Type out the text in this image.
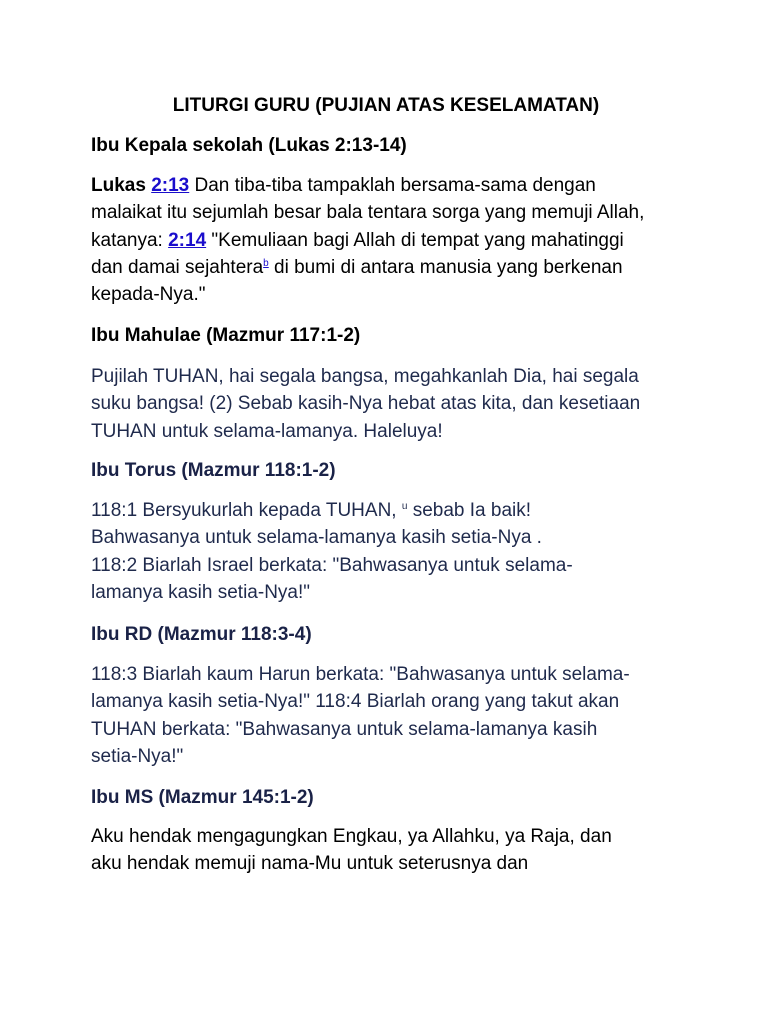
LITURGI GURU (PUJIAN ATAS KESELAMATAN)
Ibu Kepala sekolah (Lukas 2:13-14)
Lukas 2:13 Dan tiba-tiba tampaklah bersama-sama dengan
malaikat itu sejumlah besar bala tentara sorga yang memuji Allah,
katanya: 2:14 "Kemuliaan bagi Allah di tempat yang mahatinggi
dan damai sejahtera$^b$ di bumi di antara manusia yang berkenan
kepada-Nya."
Ibu Mahulae (Mazmur 117:1-2)
Pujilah TUHAN, hai segala bangsa, megahkanlah Dia, hai segala
suku bangsa! (2) Sebab kasih-Nya hebat atas kita, dan kesetiaan
TUHAN untuk selama-lamanya. Haleluya!
Ibu Torus (Mazmur 118:1-2)
118:1 Bersyukurlah kepada TUHAN, $^u$ sebab Ia baik!
Bahwasanya untuk selama-lamanya kasih setia-Nya .
118:2 Biarlah Israel berkata: "Bahwasanya untuk selama-
lamanya kasih setia-Nya!"
Ibu RD (Mazmur 118:3-4)
118:3 Biarlah kaum Harun berkata: "Bahwasanya untuk selama-
lamanya kasih setia-Nya!" 118:4 Biarlah orang yang takut akan
TUHAN berkata: "Bahwasanya untuk selama-lamanya kasih
setia-Nya!"
Ibu MS (Mazmur 145:1-2)
Aku hendak mengagungkan Engkau, ya Allahku, ya Raja, dan
aku hendak memuji nama-Mu untuk seterusnya dan
